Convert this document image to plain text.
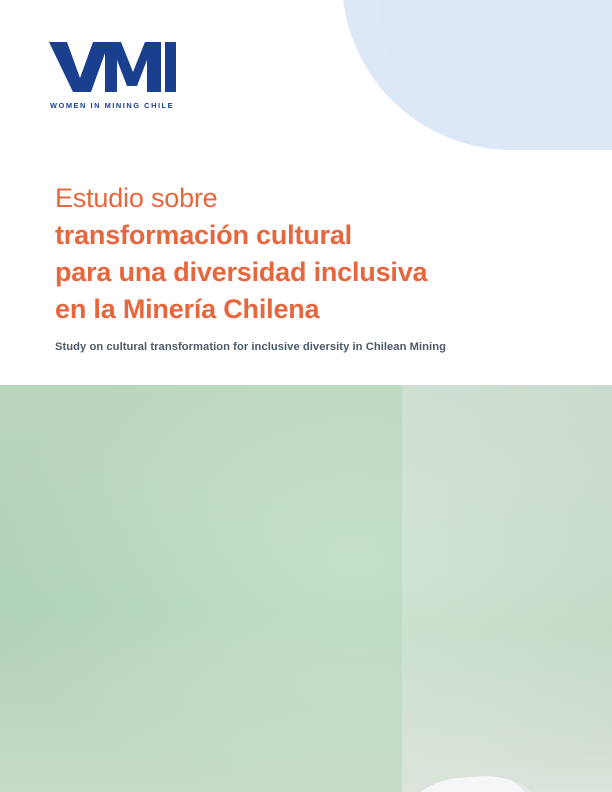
WOMEN IN MINING CHILE
Estudio sobre
transformación cultural
para una diversidad inclusiva
en la Minería Chilena
Study on cultural transformation for inclusive diversity in Chilean Mining
